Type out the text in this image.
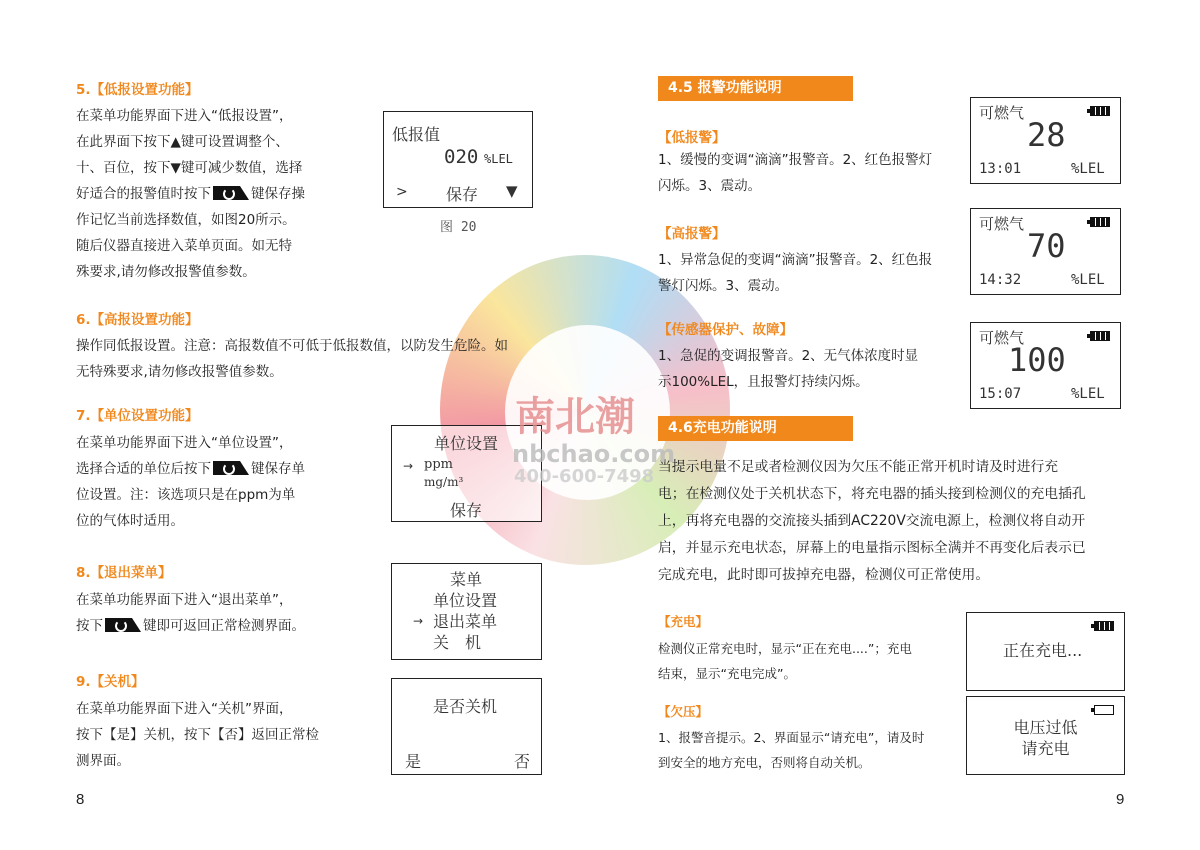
南北潮
nbchao.com
400-600-7498
5.【低报设置功能】
在菜单功能界面下进入“低报设置”，
在此界面下按下▲键可设置调整个、
十、百位，按下▼键可减少数值，选择
好适合的报警值时按下	键保存操
作记忆当前选择数值，如图20所示。
随后仪器直接进入菜单页面。如无特
殊要求,请勿修改报警值参数。
低报值
020 %LEL
> 保存 ▼
图 20
6.【高报设置功能】
操作同低报设置。注意：高报数值不可低于低报数值，以防发生危险。如
无特殊要求,请勿修改报警值参数。
7.【单位设置功能】
在菜单功能界面下进入“单位设置”，
选择合适的单位后按下	键保存单
位设置。注：该选项只是在ppm为单
位的气体时适用。
单位设置
→ ppm
mg/m³
保存
8.【退出菜单】
在菜单功能界面下进入“退出菜单”，
按下	键即可返回正常检测界面。
菜单
单位设置
→ 退出菜单
关　机
9.【关机】
在菜单功能界面下进入“关机”界面，
按下【是】关机，按下【否】返回正常检
测界面。
是否关机
是	否
8
4.5 报警功能说明
【低报警】
1、缓慢的变调“滴滴”报警音。2、红色报警灯
闪烁。3、震动。
【高报警】
1、异常急促的变调“滴滴”报警音。2、红色报
警灯闪烁。3、震动。
【传感器保护、故障】
1、急促的变调报警音。2、无气体浓度时显
示100%LEL，且报警灯持续闪烁。
可燃气
28
13:01	%LEL
可燃气
70
14:32	%LEL
可燃气
100
15:07	%LEL
4.6充电功能说明
当提示电量不足或者检测仪因为欠压不能正常开机时请及时进行充
电；在检测仪处于关机状态下，将充电器的插头接到检测仪的充电插孔
上，再将充电器的交流接头插到AC220V交流电源上，检测仪将自动开
启，并显示充电状态，屏幕上的电量指示图标全满并不再变化后表示已
完成充电，此时即可拔掉充电器，检测仪可正常使用。
【充电】
检测仪正常充电时，显示“正在充电....”；充电
结束，显示“充电完成”。
【欠压】
1、报警音提示。2、界面显示“请充电”，请及时
到安全的地方充电，否则将自动关机。
正在充电...
电压过低
请充电
9
